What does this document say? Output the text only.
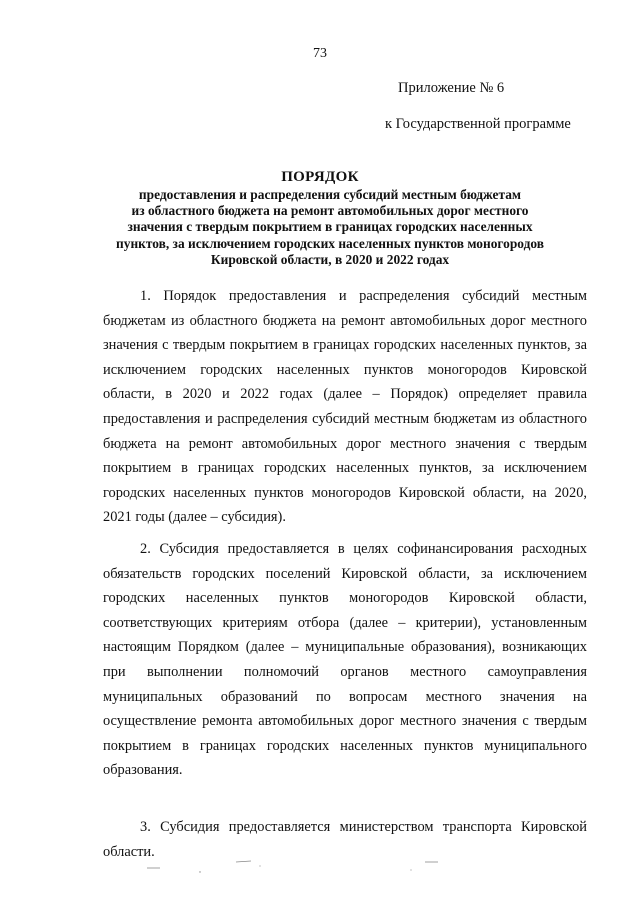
73
Приложение № 6
к Государственной программе
ПОРЯДОК
предоставления и распределения субсидий местным бюджетам
из областного бюджета на ремонт автомобильных дорог местного
значения с твердым покрытием в границах городских населенных
пунктов, за исключением городских населенных пунктов моногородов
Кировской области, в 2020 и 2022 годах
1. Порядок предоставления и распределения субсидий местным
бюджетам из областного бюджета на ремонт автомобильных дорог местного
значения с твердым покрытием в границах городских населенных пунктов, за
исключением городских населенных пунктов моногородов Кировской
области, в 2020 и 2022 годах (далее – Порядок) определяет правила
предоставления и распределения субсидий местным бюджетам из областного
бюджета на ремонт автомобильных дорог местного значения с твердым
покрытием в границах городских населенных пунктов, за исключением
городских населенных пунктов моногородов Кировской области, на 2020,
2021 годы (далее – субсидия).
2. Субсидия предоставляется в целях софинансирования расходных
обязательств городских поселений Кировской области, за исключением
городских населенных пунктов моногородов Кировской области,
соответствующих критериям отбора (далее – критерии), установленным
настоящим Порядком (далее – муниципальные образования), возникающих
при выполнении полномочий органов местного самоуправления
муниципальных образований по вопросам местного значения на
осуществление ремонта автомобильных дорог местного значения с твердым
покрытием в границах городских населенных пунктов муниципального
образования.
3. Субсидия предоставляется министерством транспорта Кировской
области.
